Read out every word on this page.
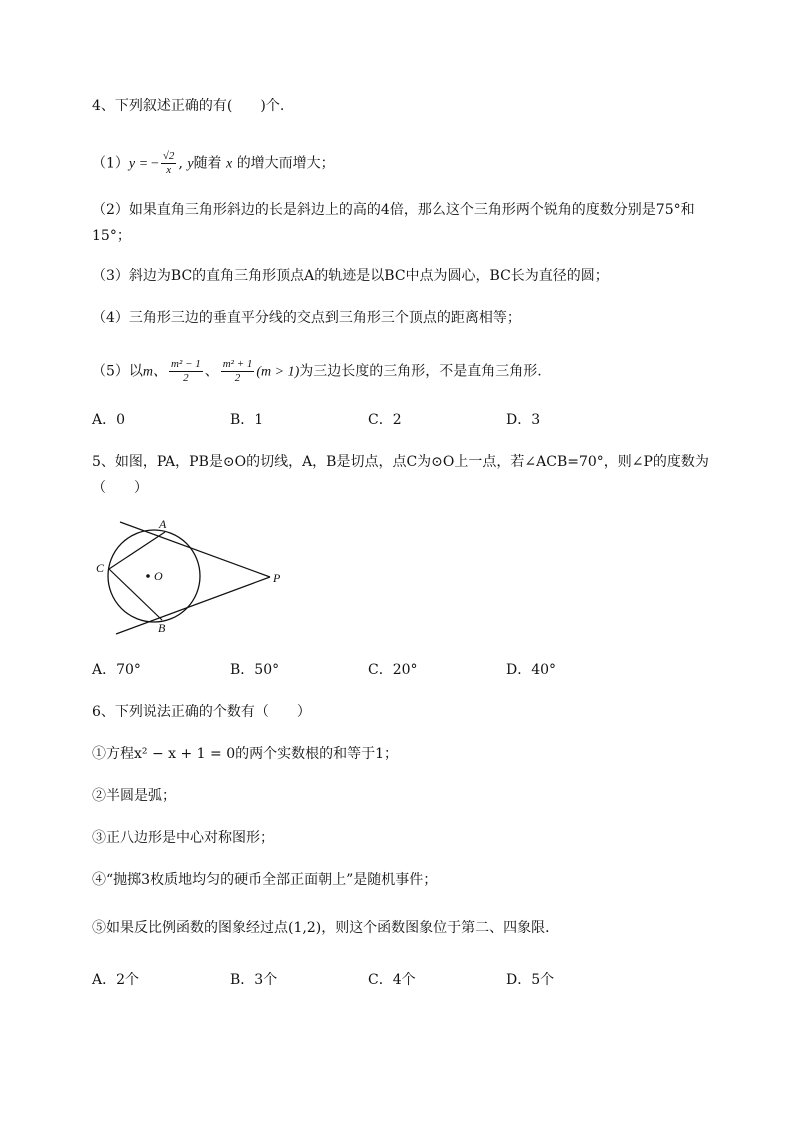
4、下列叙述正确的有(　　)个.
（1）y = − $\frac{√2}{x}$ , y随着 x 的增大而增大；
（2）如果直角三角形斜边的长是斜边上的高的4倍，那么这个三角形两个锐角的度数分别是75°和
15°；
（3）斜边为BC的直角三角形顶点A的轨迹是以BC中点为圆心，BC长为直径的圆；
（4）三角形三边的垂直平分线的交点到三角形三个顶点的距离相等；
（5）以m、 $\frac{\text{m² − 1}}{2}$ 、 $\frac{\text{m² + 1}}{2} (m > 1)$为三边长度的三角形，不是直角三角形.
A．0	B．1	C．2	D．3
5、如图，PA，PB是⊙O的切线，A，B是切点，点C为⊙O上一点，若∠ACB=70°，则∠P的度数为
（　　）
A
B
C
O	P
A．70°	B．50°	C．20°	D．40°
6、下列说法正确的个数有（　　）
①方程x² − x + 1 = 0的两个实数根的和等于1；
②半圆是弧；
③正八边形是中心对称图形；
④“抛掷3枚质地均匀的硬币全部正面朝上”是随机事件；
⑤如果反比例函数的图象经过点(1,2)，则这个函数图象位于第二、四象限．
A．2个	B．3个	C．4个	D．5个
